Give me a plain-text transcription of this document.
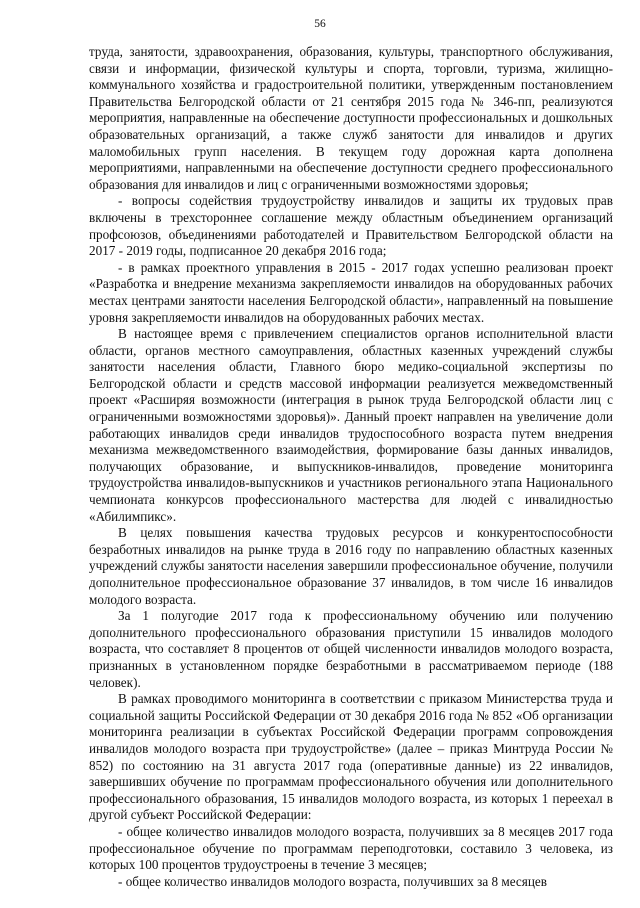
56

труда, занятости, здравоохранения, образования, культуры, транспортного обслуживания, связи и информации, физической культуры и спорта, торговли, туризма, жилищно-коммунального хозяйства и градостроительной политики, утвержденным постановлением Правительства Белгородской области от 21 сентября 2015 года № 346-пп, реализуются мероприятия, направленные на обеспечение доступности профессиональных и дошкольных образовательных организаций, а также служб занятости для инвалидов и других маломобильных групп населения. В текущем году дорожная карта дополнена мероприятиями, направленными на обеспечение доступности среднего профессионального образования для инвалидов и лиц с ограниченными возможностями здоровья;

- вопросы содействия трудоустройству инвалидов и защиты их трудовых прав включены в трехстороннее соглашение между областным объединением организаций профсоюзов, объединениями работодателей и Правительством Белгородской области на 2017 - 2019 годы, подписанное 20 декабря 2016 года;

- в рамках проектного управления в 2015 - 2017 годах успешно реализован проект «Разработка и внедрение механизма закрепляемости инвалидов на оборудованных рабочих местах центрами занятости населения Белгородской области», направленный на повышение уровня закрепляемости инвалидов на оборудованных рабочих местах.

В настоящее время с привлечением специалистов органов исполнительной власти области, органов местного самоуправления, областных казенных учреждений службы занятости населения области, Главного бюро медико-социальной экспертизы по Белгородской области и средств массовой информации реализуется межведомственный проект «Расширяя возможности (интеграция в рынок труда Белгородской области лиц с ограниченными возможностями здоровья)». Данный проект направлен на увеличение доли работающих инвалидов среди инвалидов трудоспособного возраста путем внедрения механизма межведомственного взаимодействия, формирование базы данных инвалидов, получающих образование, и выпускников-инвалидов, проведение мониторинга трудоустройства инвалидов-выпускников и участников регионального этапа Национального чемпионата конкурсов профессионального мастерства для людей с инвалидностью «Абилимпикс».

В целях повышения качества трудовых ресурсов и конкурентоспособности безработных инвалидов на рынке труда в 2016 году по направлению областных казенных учреждений службы занятости населения завершили профессиональное обучение, получили дополнительное профессиональное образование 37 инвалидов, в том числе 16 инвалидов молодого возраста.

За 1 полугодие 2017 года к профессиональному обучению или получению дополнительного профессионального образования приступили 15 инвалидов молодого возраста, что составляет 8 процентов от общей численности инвалидов молодого возраста, признанных в установленном порядке безработными в рассматриваемом периоде (188 человек).

В рамках проводимого мониторинга в соответствии с приказом Министерства труда и социальной защиты Российской Федерации от 30 декабря 2016 года № 852 «Об организации мониторинга реализации в субъектах Российской Федерации программ сопровождения инвалидов молодого возраста при трудоустройстве» (далее – приказ Минтруда России № 852) по состоянию на 31 августа 2017 года (оперативные данные) из 22 инвалидов, завершивших обучение по программам профессионального обучения или дополнительного профессионального образования, 15 инвалидов молодого возраста, из которых 1 переехал в другой субъект Российской Федерации:

- общее количество инвалидов молодого возраста, получивших за 8 месяцев 2017 года профессиональное обучение по программам переподготовки, составило 3 человека, из которых 100 процентов трудоустроены в течение 3 месяцев;

- общее количество инвалидов молодого возраста, получивших за 8 месяцев
